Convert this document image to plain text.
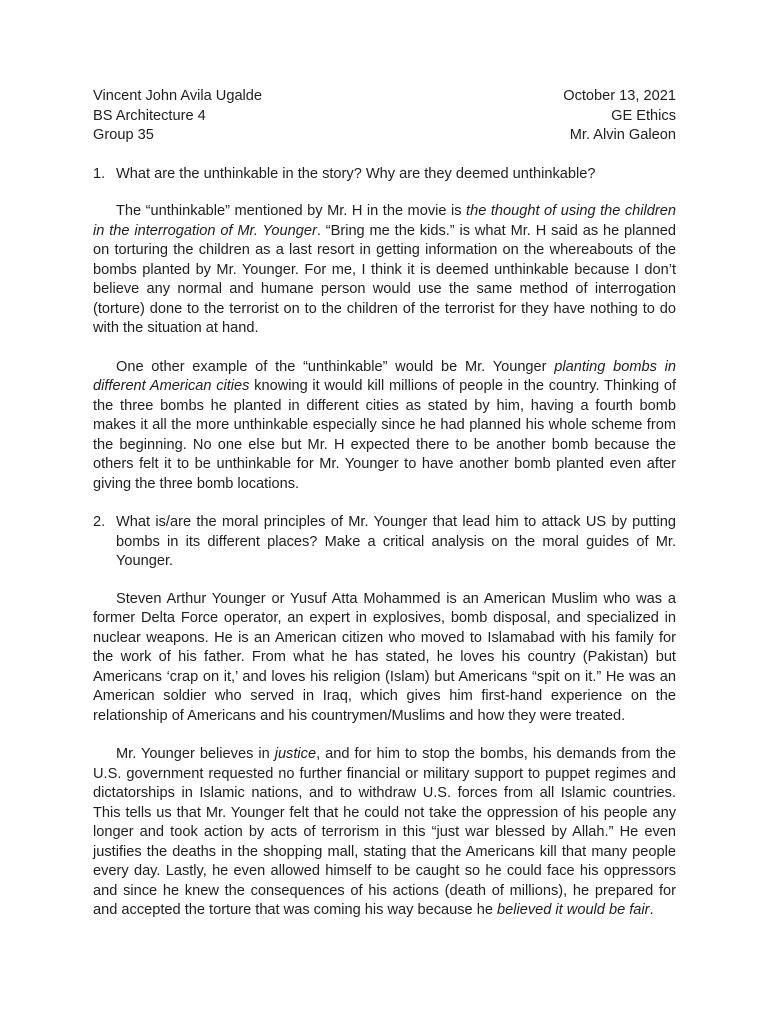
Vincent John Avila Ugalde
BS Architecture 4
Group 35
October 13, 2021
GE Ethics
Mr. Alvin Galeon
1. What are the unthinkable in the story? Why are they deemed unthinkable?

The “unthinkable” mentioned by Mr. H in the movie is the thought of using the children in the interrogation of Mr. Younger. “Bring me the kids.” is what Mr. H said as he planned on torturing the children as a last resort in getting information on the whereabouts of the bombs planted by Mr. Younger. For me, I think it is deemed unthinkable because I don’t believe any normal and humane person would use the same method of interrogation (torture) done to the terrorist on to the children of the terrorist for they have nothing to do with the situation at hand.

One other example of the “unthinkable” would be Mr. Younger planting bombs in different American cities knowing it would kill millions of people in the country. Thinking of the three bombs he planted in different cities as stated by him, having a fourth bomb makes it all the more unthinkable especially since he had planned his whole scheme from the beginning. No one else but Mr. H expected there to be another bomb because the others felt it to be unthinkable for Mr. Younger to have another bomb planted even after giving the three bomb locations.

2. What is/are the moral principles of Mr. Younger that lead him to attack US by putting bombs in its different places? Make a critical analysis on the moral guides of Mr. Younger.

Steven Arthur Younger or Yusuf Atta Mohammed is an American Muslim who was a former Delta Force operator, an expert in explosives, bomb disposal, and specialized in nuclear weapons. He is an American citizen who moved to Islamabad with his family for the work of his father. From what he has stated, he loves his country (Pakistan) but Americans ‘crap on it,’ and loves his religion (Islam) but Americans “spit on it.” He was an American soldier who served in Iraq, which gives him first-hand experience on the relationship of Americans and his countrymen/Muslims and how they were treated.

Mr. Younger believes in justice, and for him to stop the bombs, his demands from the U.S. government requested no further financial or military support to puppet regimes and dictatorships in Islamic nations, and to withdraw U.S. forces from all Islamic countries. This tells us that Mr. Younger felt that he could not take the oppression of his people any longer and took action by acts of terrorism in this “just war blessed by Allah.” He even justifies the deaths in the shopping mall, stating that the Americans kill that many people every day. Lastly, he even allowed himself to be caught so he could face his oppressors and since he knew the consequences of his actions (death of millions), he prepared for and accepted the torture that was coming his way because he believed it would be fair.
